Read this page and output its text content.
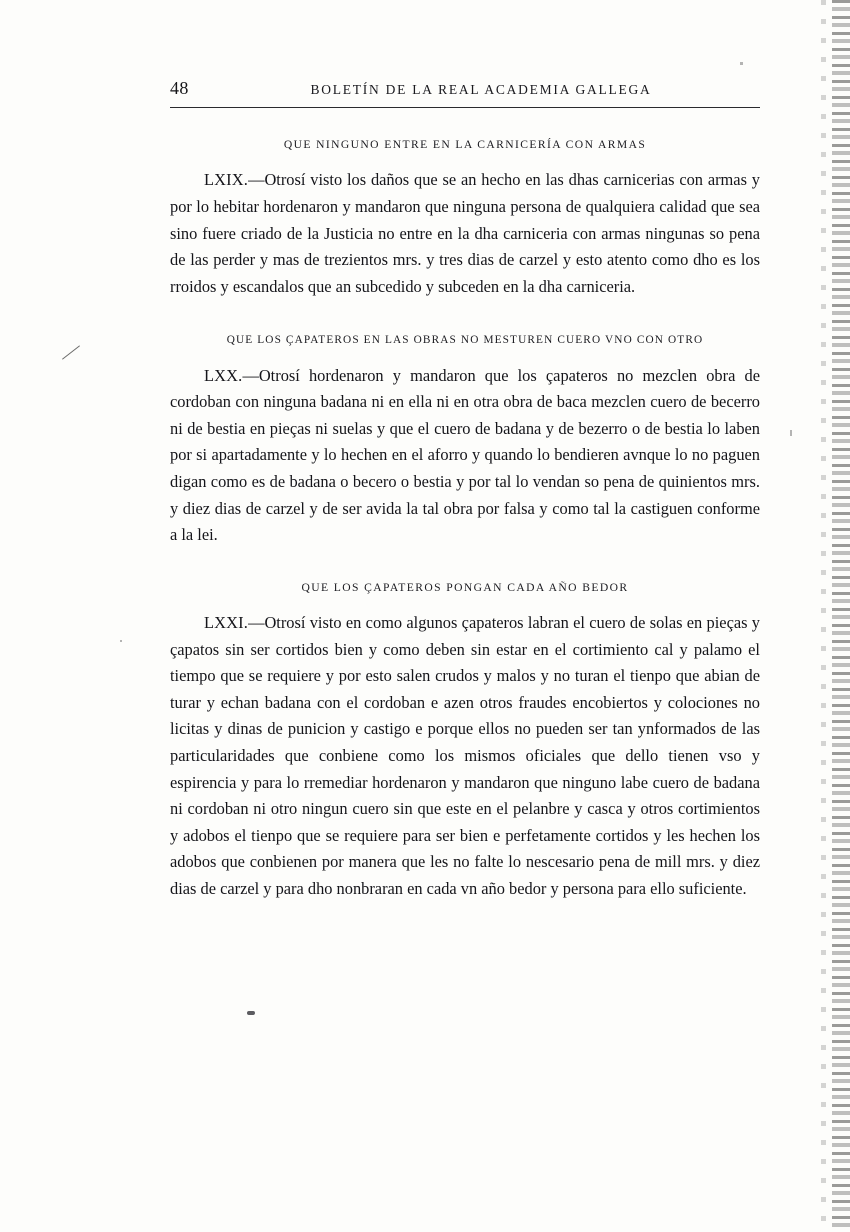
48	BOLETÍN DE LA REAL ACADEMIA GALLEGA
QUE NINGUNO ENTRE EN LA CARNICERÍA CON ARMAS

LXIX.—Otrosí visto los daños que se an hecho en las dhas carnicerias con armas y por lo hebitar hordenaron y mandaron que ninguna persona de qualquiera calidad que sea sino fuere criado de la Justicia no entre en la dha carniceria con armas ningunas so pena de las perder y mas de trezientos mrs. y tres dias de carzel y esto atento como dho es los rroidos y escandalos que an subcedido y subceden en la dha carniceria.

QUE LOS ÇAPATEROS EN LAS OBRAS NO MESTUREN CUERO VNO CON OTRO

LXX.—Otrosí hordenaron y mandaron que los çapateros no mezclen obra de cordoban con ninguna badana ni en ella ni en otra obra de baca mezclen cuero de becerro ni de bestia en pieças ni suelas y que el cuero de badana y de bezerro o de bestia lo laben por si apartadamente y lo hechen en el aforro y quando lo bendieren avnque lo no paguen digan como es de badana o becero o bestia y por tal lo vendan so pena de quinientos mrs. y diez dias de carzel y de ser avida la tal obra por falsa y como tal la castiguen conforme a la lei.

QUE LOS ÇAPATEROS PONGAN CADA AÑO BEDOR

LXXI.—Otrosí visto en como algunos çapateros labran el cuero de solas en pieças y çapatos sin ser cortidos bien y como deben sin estar en el cortimiento cal y palamo el tiempo que se requiere y por esto salen crudos y malos y no turan el tienpo que abian de turar y echan badana con el cordoban e azen otros fraudes encobiertos y colociones no licitas y dinas de punicion y castigo e porque ellos no pueden ser tan ynformados de las particularidades que conbiene como los mismos oficiales que dello tienen vso y espirencia y para lo rremediar hordenaron y mandaron que ninguno labe cuero de badana ni cordoban ni otro ningun cuero sin que este en el pelanbre y casca y otros cortimientos y adobos el tienpo que se requiere para ser bien e perfetamente cortidos y les hechen los adobos que conbienen por manera que les no falte lo nescesario pena de mill mrs. y diez dias de carzel y para dho nonbraran en cada vn año bedor y persona para ello suficiente.
